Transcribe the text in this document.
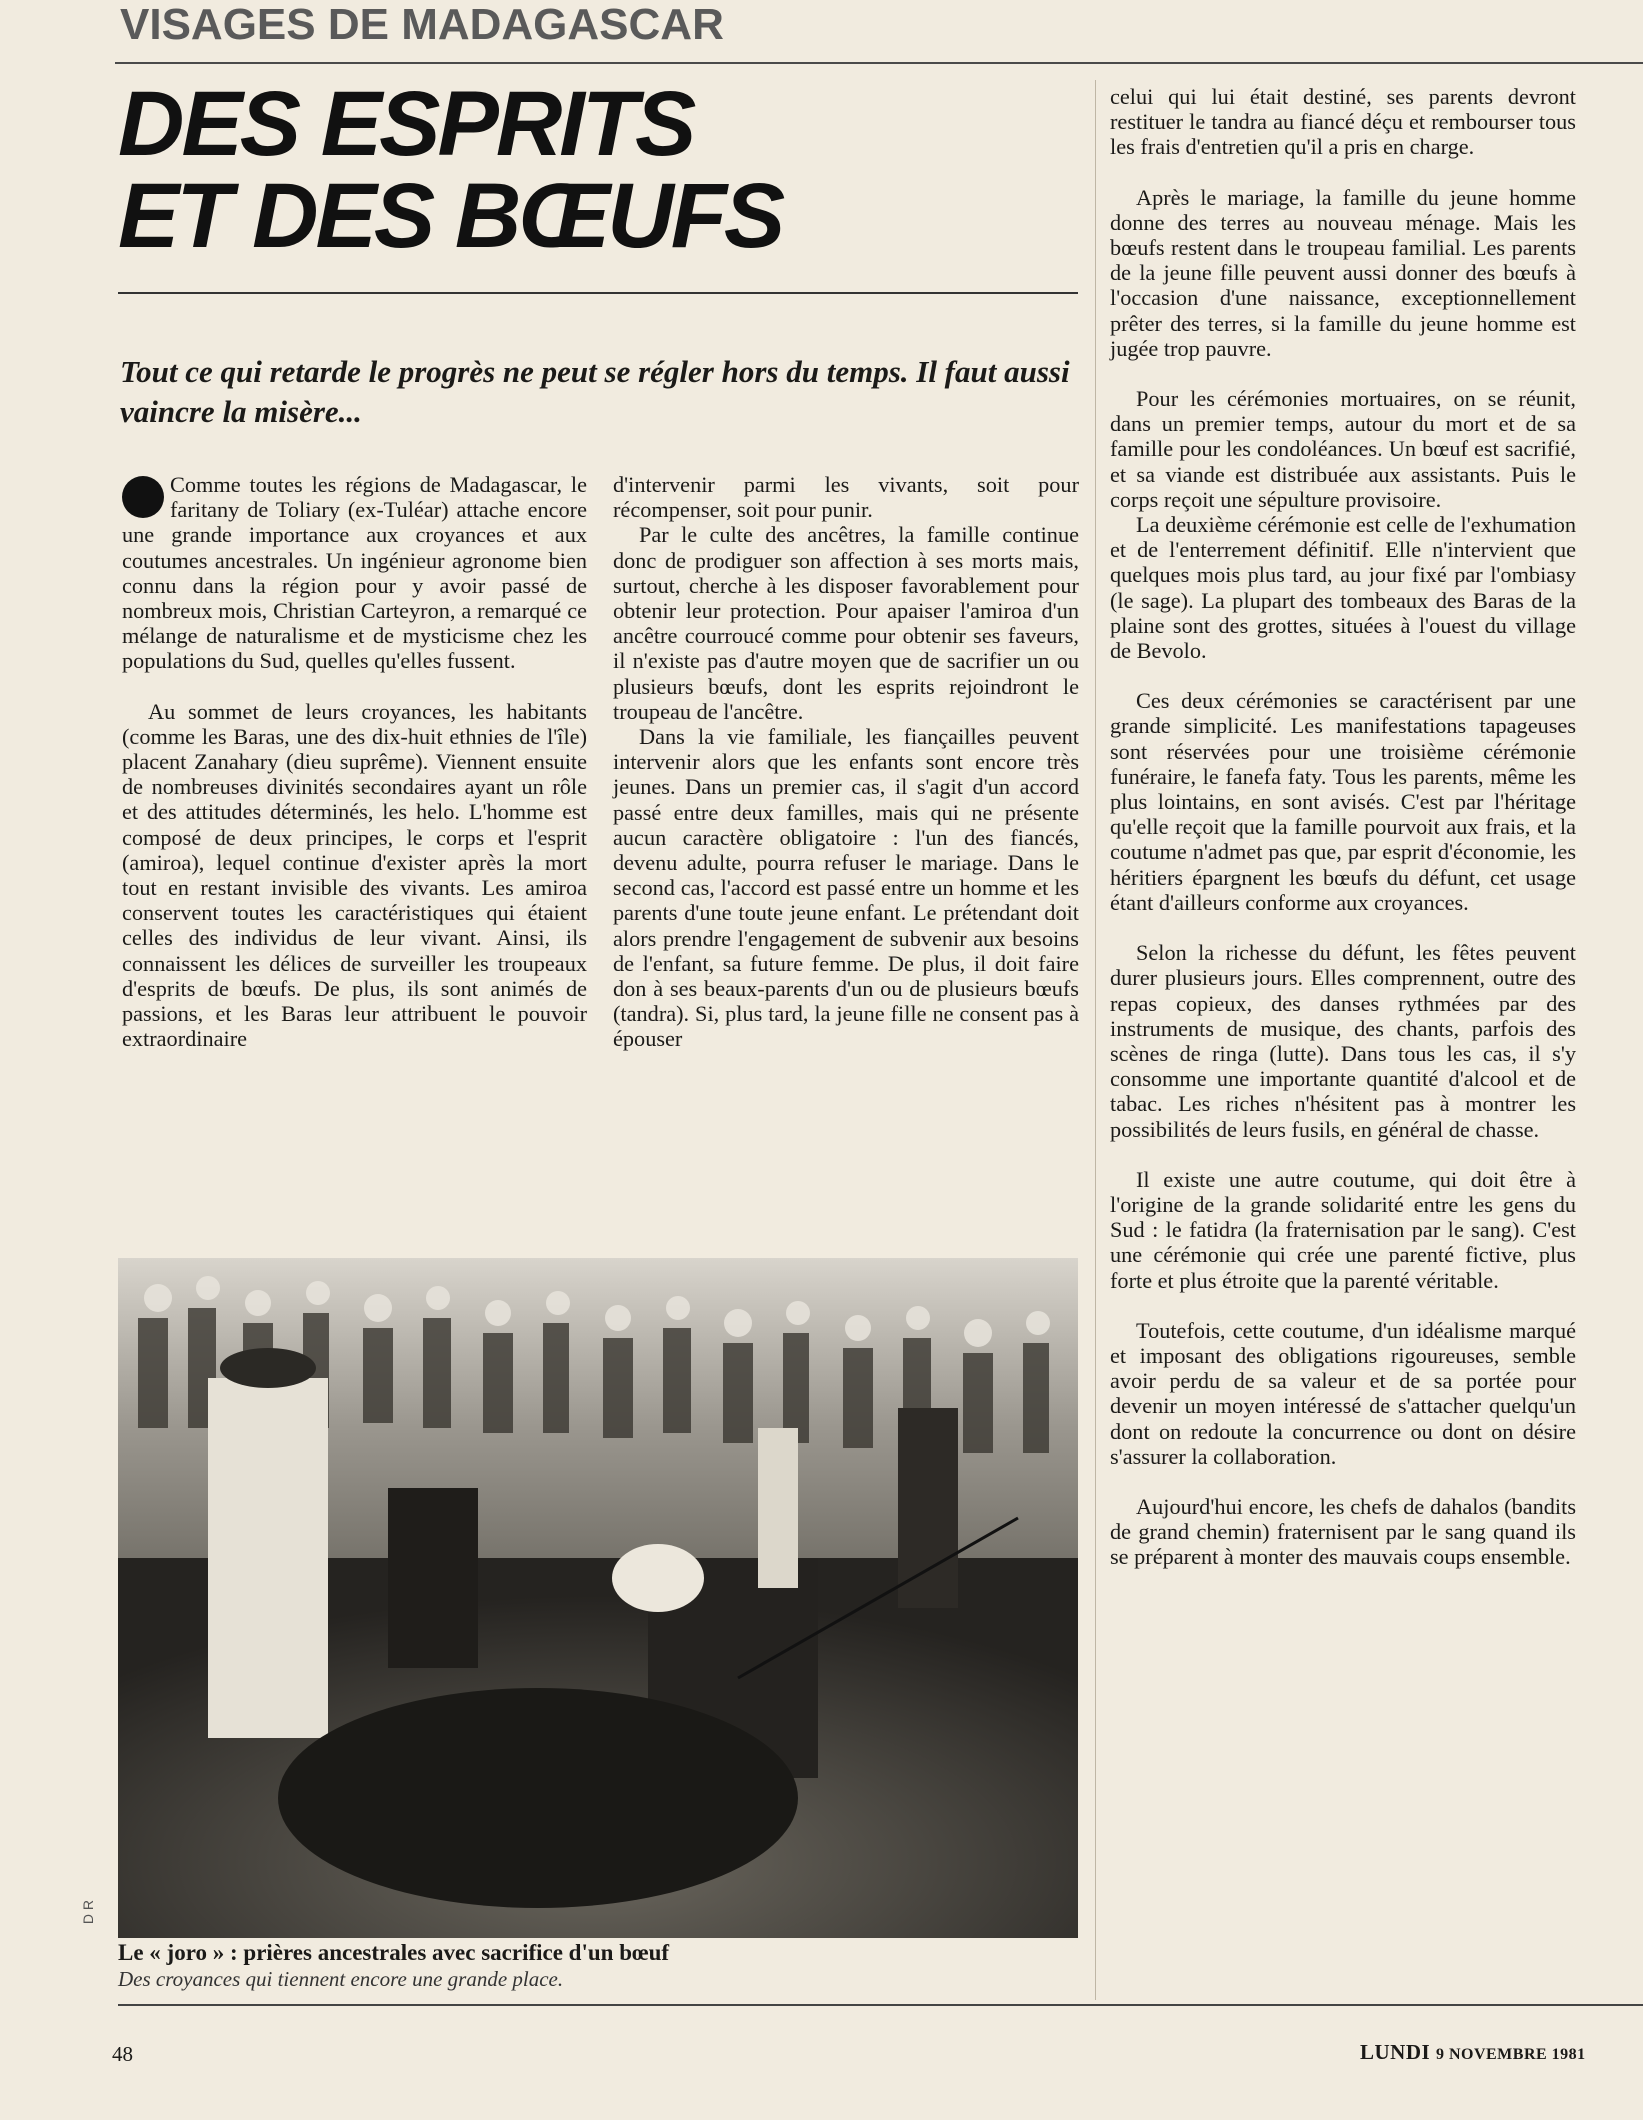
VISAGES DE MADAGASCAR
DES ESPRITS
ET DES BŒUFS
Tout ce qui retarde le progrès ne peut se régler hors du temps. Il faut aussi vaincre la misère...

Comme toutes les régions de Madagascar, le faritany de Toliary (ex-Tuléar) attache encore une grande importance aux croyances et aux coutumes ancestrales. Un ingénieur agronome bien connu dans la région pour y avoir passé de nombreux mois, Christian Carteyron, a remarqué ce mélange de naturalisme et de mysticisme chez les populations du Sud, quelles qu'elles fussent.

Au sommet de leurs croyances, les habitants (comme les Baras, une des dix-huit ethnies de l'île) placent Zanahary (dieu suprême). Viennent ensuite de nombreuses divinités secondaires ayant un rôle et des attitudes déterminés, les helo. L'homme est composé de deux principes, le corps et l'esprit (amiroa), lequel continue d'exister après la mort tout en restant invisible des vivants. Les amiroa conservent toutes les caractéristiques qui étaient celles des individus de leur vivant. Ainsi, ils connaissent les délices de surveiller les troupeaux d'esprits de bœufs. De plus, ils sont animés de passions, et les Baras leur attribuent le pouvoir extraordinaire

d'intervenir parmi les vivants, soit pour récompenser, soit pour punir.

Par le culte des ancêtres, la famille continue donc de prodiguer son affection à ses morts mais, surtout, cherche à les disposer favorablement pour obtenir leur protection. Pour apaiser l'amiroa d'un ancêtre courroucé comme pour obtenir ses faveurs, il n'existe pas d'autre moyen que de sacrifier un ou plusieurs bœufs, dont les esprits rejoindront le troupeau de l'ancêtre.

Dans la vie familiale, les fiançailles peuvent intervenir alors que les enfants sont encore très jeunes. Dans un premier cas, il s'agit d'un accord passé entre deux familles, mais qui ne présente aucun caractère obligatoire : l'un des fiancés, devenu adulte, pourra refuser le mariage. Dans le second cas, l'accord est passé entre un homme et les parents d'une toute jeune enfant. Le prétendant doit alors prendre l'engagement de subvenir aux besoins de l'enfant, sa future femme. De plus, il doit faire don à ses beaux-parents d'un ou de plusieurs bœufs (tandra). Si, plus tard, la jeune fille ne consent pas à épouser

celui qui lui était destiné, ses parents devront restituer le tandra au fiancé déçu et rembourser tous les frais d'entretien qu'il a pris en charge.

Après le mariage, la famille du jeune homme donne des terres au nouveau ménage. Mais les bœufs restent dans le troupeau familial. Les parents de la jeune fille peuvent aussi donner des bœufs à l'occasion d'une naissance, exceptionnellement prêter des terres, si la famille du jeune homme est jugée trop pauvre.

Pour les cérémonies mortuaires, on se réunit, dans un premier temps, autour du mort et de sa famille pour les condoléances. Un bœuf est sacrifié, et sa viande est distribuée aux assistants. Puis le corps reçoit une sépulture provisoire.

La deuxième cérémonie est celle de l'exhumation et de l'enterrement définitif. Elle n'intervient que quelques mois plus tard, au jour fixé par l'ombiasy (le sage). La plupart des tombeaux des Baras de la plaine sont des grottes, situées à l'ouest du village de Bevolo.

Ces deux cérémonies se caractérisent par une grande simplicité. Les manifestations tapageuses sont réservées pour une troisième cérémonie funéraire, le fanefa faty. Tous les parents, même les plus lointains, en sont avisés. C'est par l'héritage qu'elle reçoit que la famille pourvoit aux frais, et la coutume n'admet pas que, par esprit d'économie, les héritiers épargnent les bœufs du défunt, cet usage étant d'ailleurs conforme aux croyances.

Selon la richesse du défunt, les fêtes peuvent durer plusieurs jours. Elles comprennent, outre des repas copieux, des danses rythmées par des instruments de musique, des chants, parfois des scènes de ringa (lutte). Dans tous les cas, il s'y consomme une importante quantité d'alcool et de tabac. Les riches n'hésitent pas à montrer les possibilités de leurs fusils, en général de chasse.

Il existe une autre coutume, qui doit être à l'origine de la grande solidarité entre les gens du Sud : le fatidra (la fraternisation par le sang). C'est une cérémonie qui crée une parenté fictive, plus forte et plus étroite que la parenté véritable.

Toutefois, cette coutume, d'un idéalisme marqué et imposant des obligations rigoureuses, semble avoir perdu de sa valeur et de sa portée pour devenir un moyen intéressé de s'attacher quelqu'un dont on redoute la concurrence ou dont on désire s'assurer la collaboration.

Aujourd'hui encore, les chefs de dahalos (bandits de grand chemin) fraternisent par le sang quand ils se préparent à monter des mauvais coups ensemble.

D R
Le « joro » : prières ancestrales avec sacrifice d'un bœuf
Des croyances qui tiennent encore une grande place.
48	LUNDI 9 NOVEMBRE 1981
